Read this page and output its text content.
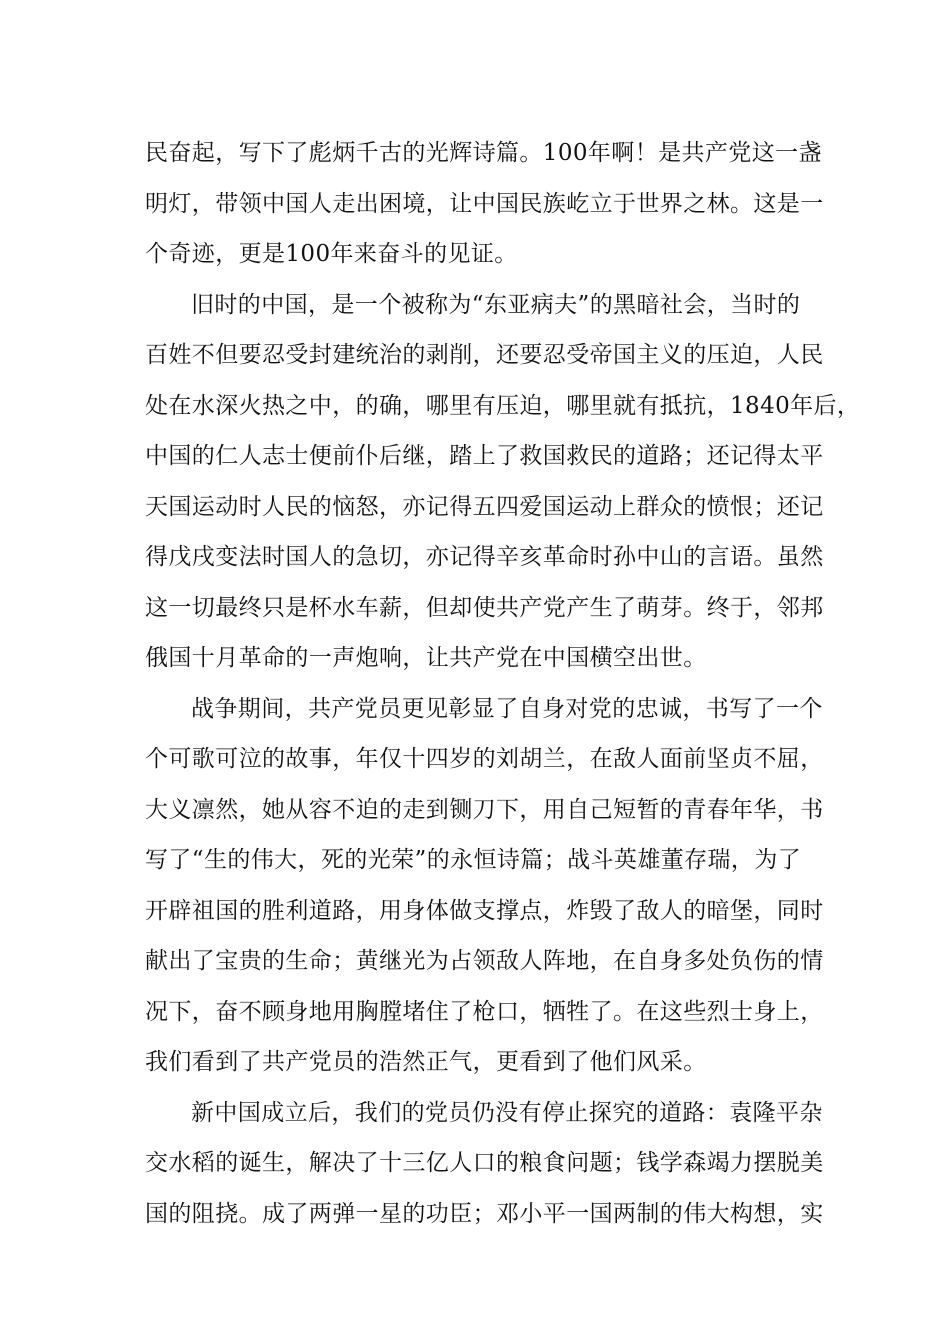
民奋起，写下了彪炳千古的光辉诗篇。100年啊！是共产党这一盏
明灯，带领中国人走出困境，让中国民族屹立于世界之林。这是一
个奇迹，更是100年来奋斗的见证。
旧时的中国，是一个被称为“东亚病夫”的黑暗社会，当时的
百姓不但要忍受封建统治的剥削，还要忍受帝国主义的压迫，人民
处在水深火热之中，的确，哪里有压迫，哪里就有抵抗，1840年后，
中国的仁人志士便前仆后继，踏上了救国救民的道路；还记得太平
天国运动时人民的恼怒，亦记得五四爱国运动上群众的愤恨；还记
得戊戌变法时国人的急切，亦记得辛亥革命时孙中山的言语。虽然
这一切最终只是杯水车薪，但却使共产党产生了萌芽。终于，邻邦
俄国十月革命的一声炮响，让共产党在中国横空出世。
战争期间，共产党员更见彰显了自身对党的忠诚，书写了一个
个可歌可泣的故事，年仅十四岁的刘胡兰，在敌人面前坚贞不屈，
大义凛然，她从容不迫的走到铡刀下，用自己短暂的青春年华，书
写了“生的伟大，死的光荣”的永恒诗篇；战斗英雄董存瑞，为了
开辟祖国的胜利道路，用身体做支撑点，炸毁了敌人的暗堡，同时
献出了宝贵的生命；黄继光为占领敌人阵地，在自身多处负伤的情
况下，奋不顾身地用胸膛堵住了枪口，牺牲了。在这些烈士身上，
我们看到了共产党员的浩然正气，更看到了他们风采。
新中国成立后，我们的党员仍没有停止探究的道路：袁隆平杂
交水稻的诞生，解决了十三亿人口的粮食问题；钱学森竭力摆脱美
国的阻挠。成了两弹一星的功臣；邓小平一国两制的伟大构想，实
